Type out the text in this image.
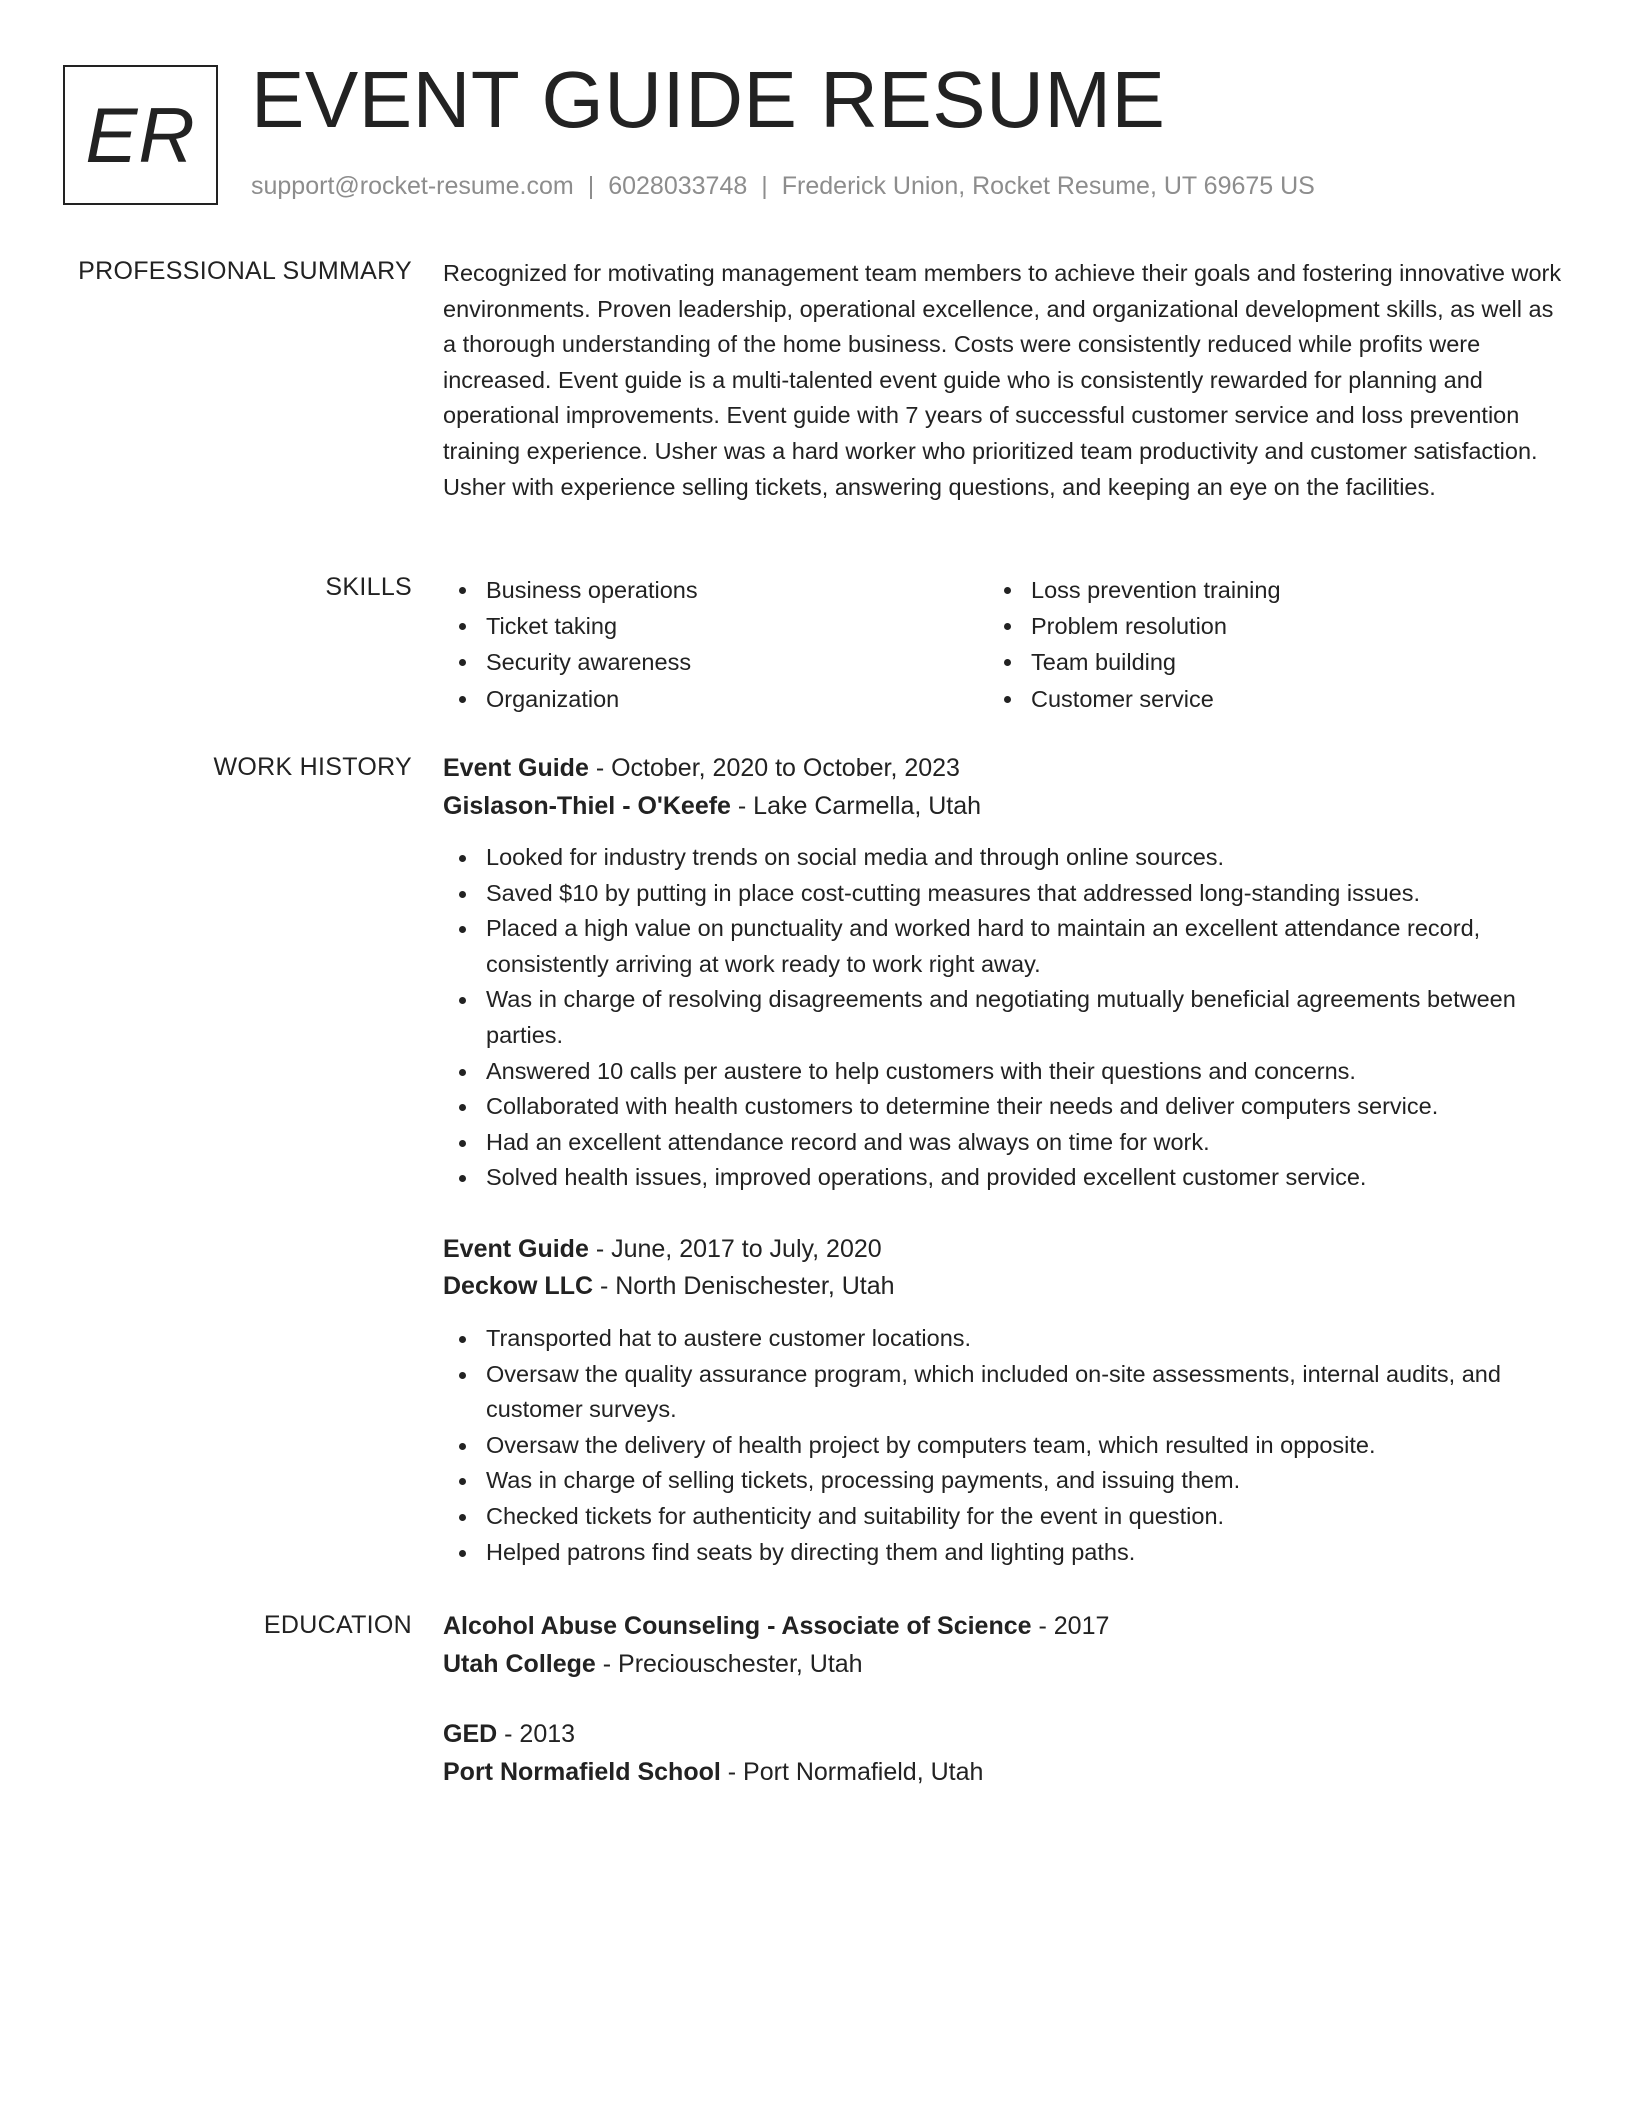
ER EVENT GUIDE RESUME
support@rocket-resume.com | 6028033748 | Frederick Union, Rocket Resume, UT 69675 US
PROFESSIONAL SUMMARY Recognized for motivating management team members to achieve their goals and fostering innovative work environments. Proven leadership, operational excellence, and organizational development skills, as well as a thorough understanding of the home business. Costs were consistently reduced while profits were increased. Event guide is a multi-talented event guide who is consistently rewarded for planning and operational improvements. Event guide with 7 years of successful customer service and loss prevention training experience. Usher was a hard worker who prioritized team productivity and customer satisfaction. Usher with experience selling tickets, answering questions, and keeping an eye on the facilities.

SKILLS	Business operations
Ticket taking
Security awareness
Organization
Loss prevention training
Problem resolution
Team building
Customer service
WORK HISTORY Event Guide - October, 2020 to October, 2023
Gislason-Thiel - O'Keefe - Lake Carmella, Utah
Looked for industry trends on social media and through online sources.
Saved $10 by putting in place cost-cutting measures that addressed long-standing issues.
Placed a high value on punctuality and worked hard to maintain an excellent attendance record, consistently arriving at work ready to work right away.
Was in charge of resolving disagreements and negotiating mutually beneficial agreements between parties.
Answered 10 calls per austere to help customers with their questions and concerns.
Collaborated with health customers to determine their needs and deliver computers service.
Had an excellent attendance record and was always on time for work.
Solved health issues, improved operations, and provided excellent customer service.
Event Guide - June, 2017 to July, 2020
Deckow LLC - North Denischester, Utah
Transported hat to austere customer locations.
Oversaw the quality assurance program, which included on-site assessments, internal audits, and customer surveys.
Oversaw the delivery of health project by computers team, which resulted in opposite.
Was in charge of selling tickets, processing payments, and issuing them.
Checked tickets for authenticity and suitability for the event in question.
Helped patrons find seats by directing them and lighting paths.
EDUCATION Alcohol Abuse Counseling - Associate of Science - 2017
Utah College - Preciouschester, Utah
GED - 2013
Port Normafield School - Port Normafield, Utah
